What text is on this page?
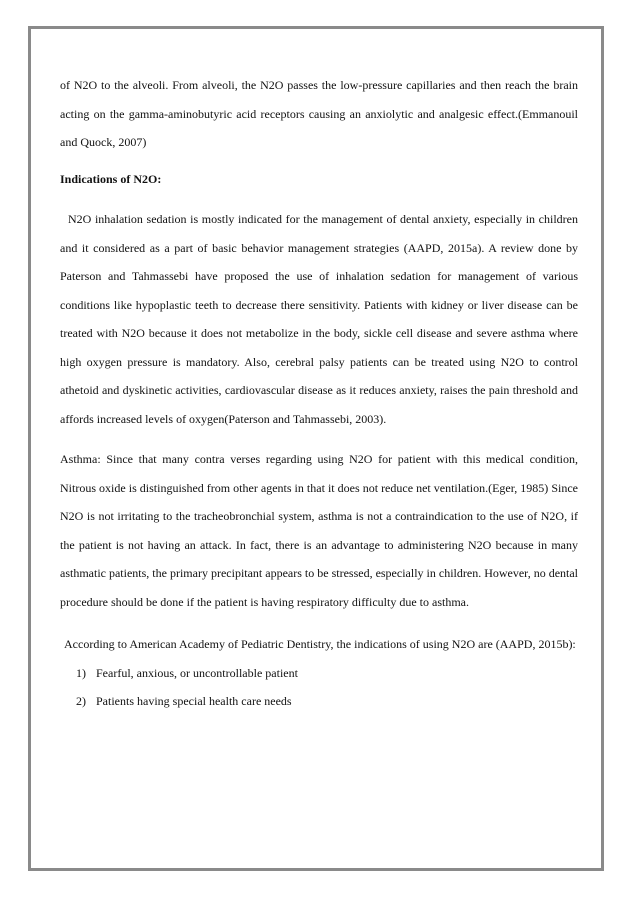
of N2O to the alveoli. From alveoli, the N2O passes the low-pressure capillaries and then reach the brain acting on the gamma-aminobutyric acid receptors causing an anxiolytic and analgesic effect.(Emmanouil and Quock, 2007)

Indications of N2O:

N2O inhalation sedation is mostly indicated for the management of dental anxiety, especially in children and it considered as a part of basic behavior management strategies (AAPD, 2015a). A review done by Paterson and Tahmassebi have proposed the use of inhalation sedation for management of various conditions like hypoplastic teeth to decrease there sensitivity. Patients with kidney or liver disease can be treated with N2O because it does not metabolize in the body, sickle cell disease and severe asthma where high oxygen pressure is mandatory. Also, cerebral palsy patients can be treated using N2O to control athetoid and dyskinetic activities, cardiovascular disease as it reduces anxiety, raises the pain threshold and affords increased levels of oxygen(Paterson and Tahmassebi, 2003).

Asthma: Since that many contra verses regarding using N2O for patient with this medical condition, Nitrous oxide is distinguished from other agents in that it does not reduce net ventilation.(Eger, 1985) Since N2O is not irritating to the tracheobronchial system, asthma is not a contraindication to the use of N2O, if the patient is not having an attack. In fact, there is an advantage to administering N2O because in many asthmatic patients, the primary precipitant appears to be stressed, especially in children. However, no dental procedure should be done if the patient is having respiratory difficulty due to asthma.

According to American Academy of Pediatric Dentistry, the indications of using N2O are (AAPD, 2015b):

1) Fearful, anxious, or uncontrollable patient
2) Patients having special health care needs
